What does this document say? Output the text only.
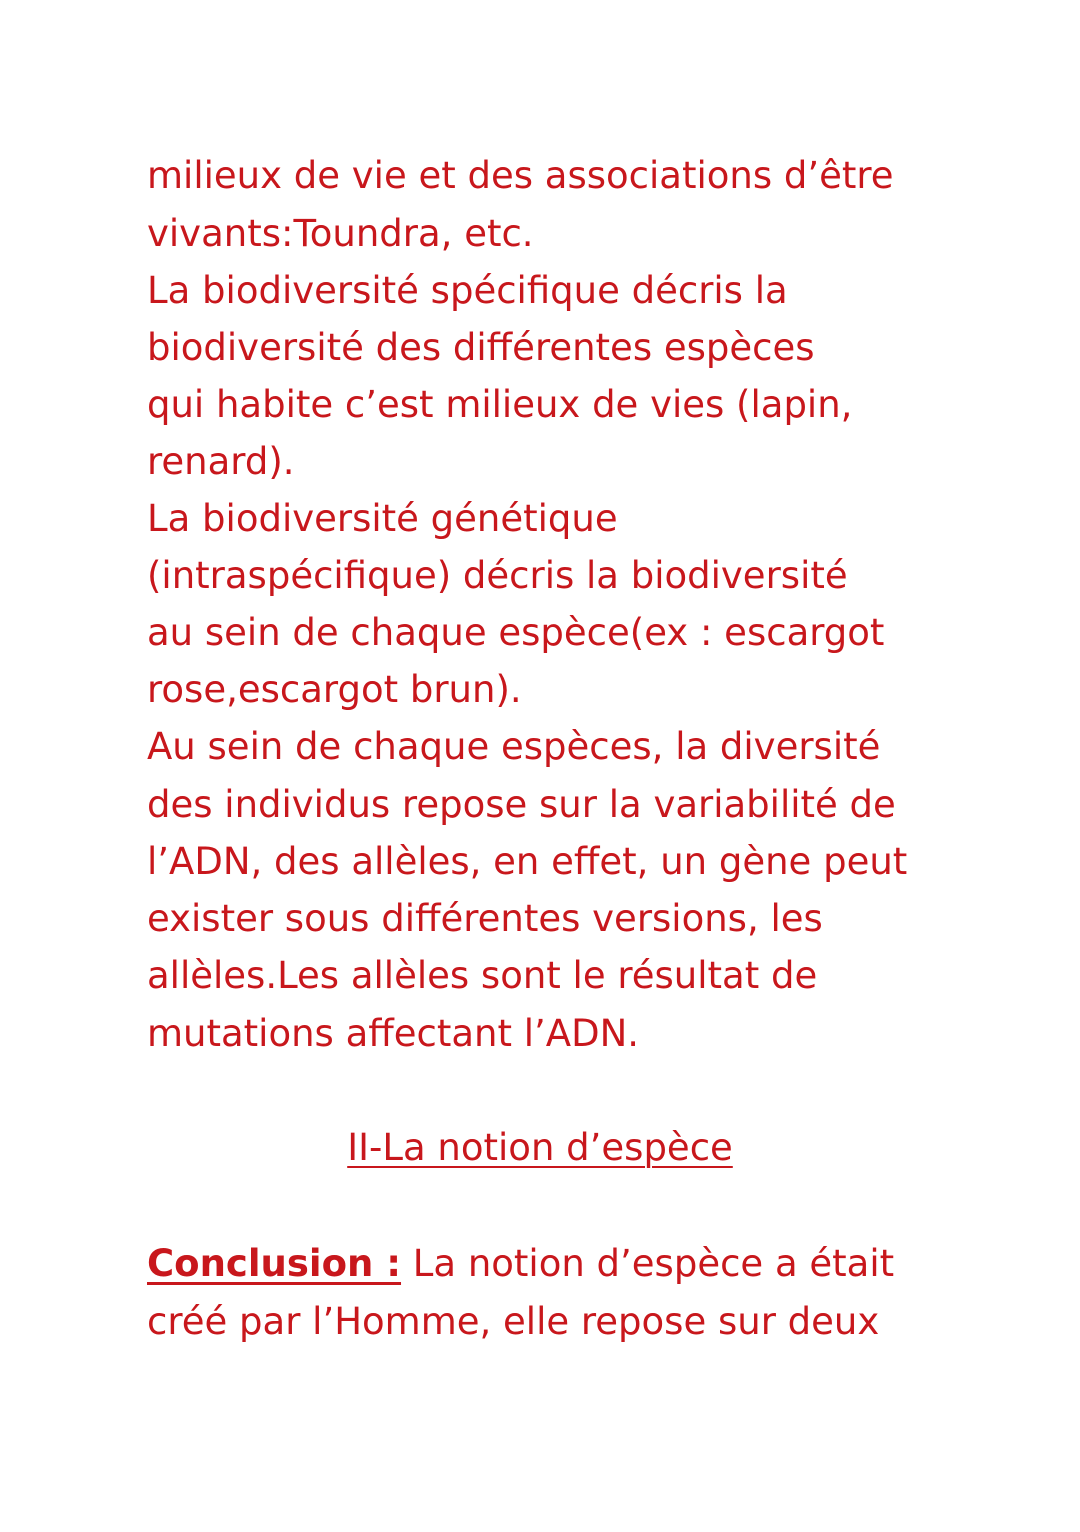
milieux de vie et des associations d’être

vivants:Toundra, etc.

La biodiversité spécifique décris la

biodiversité des différentes espèces

qui habite c’est milieux de vies (lapin,

renard).

La biodiversité génétique

(intraspécifique) décris la biodiversité

au sein de chaque espèce(ex : escargot

rose,escargot brun).

Au sein de chaque espèces, la diversité

des individus repose sur la variabilité de

l’ADN, des allèles, en effet, un gène peut

exister sous différentes versions, les

allèles.Les allèles sont le résultat de

mutations affectant l’ADN.

II-La notion d’espèce

Conclusion : La notion d’espèce a était

créé par l’Homme, elle repose sur deux
